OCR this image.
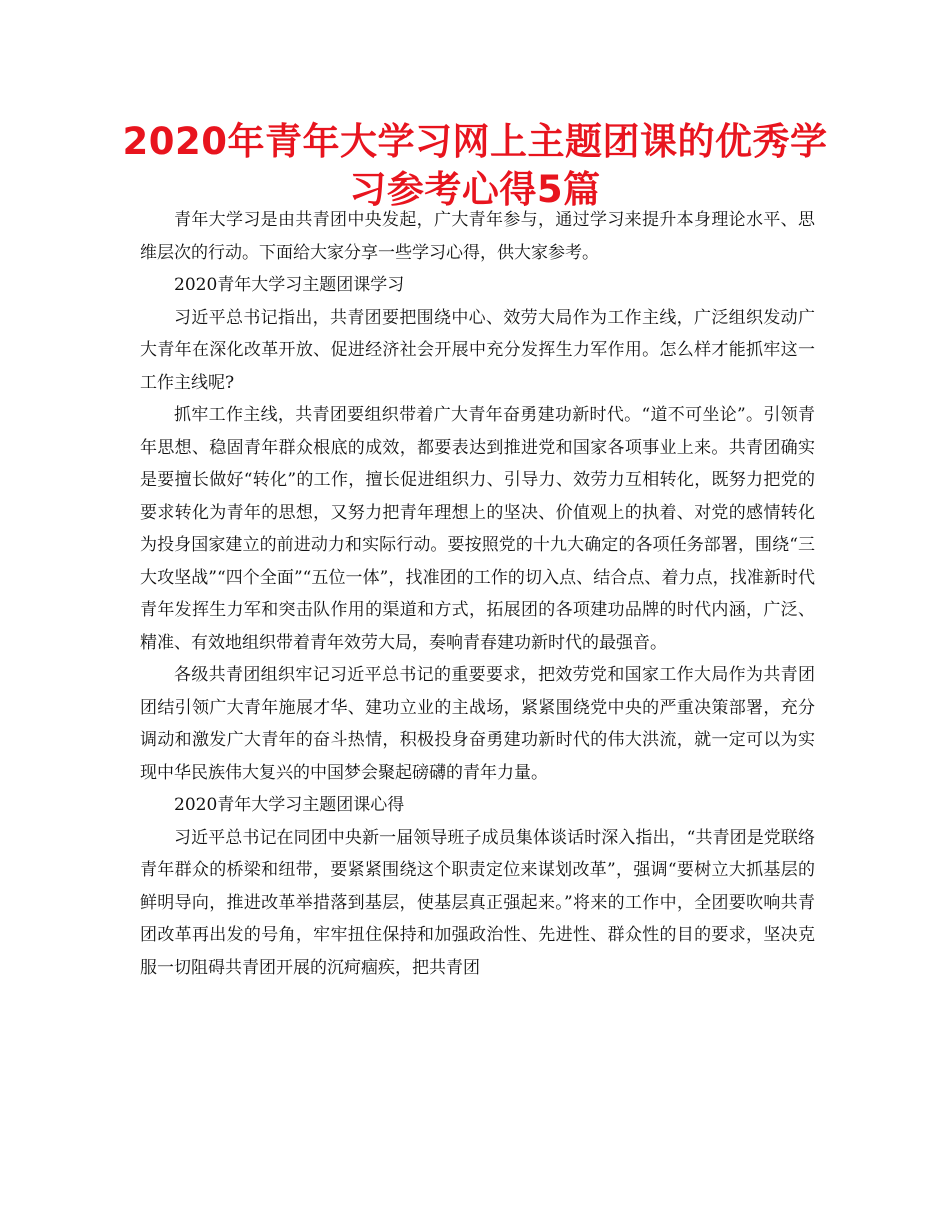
2020年青年大学习网上主题团课的优秀学
习参考心得5篇

青年大学习是由共青团中央发起，广大青年参与，通过学习来提升本身理论水平、思维层次的行动。下面给大家分享一些学习心得，供大家参考。

2020青年大学习主题团课学习

习近平总书记指出，共青团要把围绕中心、效劳大局作为工作主线，广泛组织发动广大青年在深化改革开放、促进经济社会开展中充分发挥生力军作用。怎么样才能抓牢这一工作主线呢?

抓牢工作主线，共青团要组织带着广大青年奋勇建功新时代。“道不可坐论”。引领青年思想、稳固青年群众根底的成效，都要表达到推进党和国家各项事业上来。共青团确实是要擅长做好“转化”的工作，擅长促进组织力、引导力、效劳力互相转化，既努力把党的要求转化为青年的思想，又努力把青年理想上的坚决、价值观上的执着、对党的感情转化为投身国家建立的前进动力和实际行动。要按照党的十九大确定的各项任务部署，围绕“三大攻坚战”“四个全面”“五位一体”，找准团的工作的切入点、结合点、着力点，找准新时代青年发挥生力军和突击队作用的渠道和方式，拓展团的各项建功品牌的时代内涵，广泛、精准、有效地组织带着青年效劳大局，奏响青春建功新时代的最强音。

各级共青团组织牢记习近平总书记的重要要求，把效劳党和国家工作大局作为共青团团结引领广大青年施展才华、建功立业的主战场，紧紧围绕党中央的严重决策部署，充分调动和激发广大青年的奋斗热情，积极投身奋勇建功新时代的伟大洪流，就一定可以为实现中华民族伟大复兴的中国梦会聚起磅礴的青年力量。

2020青年大学习主题团课心得

习近平总书记在同团中央新一届领导班子成员集体谈话时深入指出，“共青团是党联络青年群众的桥梁和纽带，要紧紧围绕这个职责定位来谋划改革”，强调“要树立大抓基层的鲜明导向，推进改革举措落到基层，使基层真正强起来。”将来的工作中，全团要吹响共青团改革再出发的号角，牢牢扭住保持和加强政治性、先进性、群众性的目的要求，坚决克服一切阻碍共青团开展的沉疴痼疾，把共青团
